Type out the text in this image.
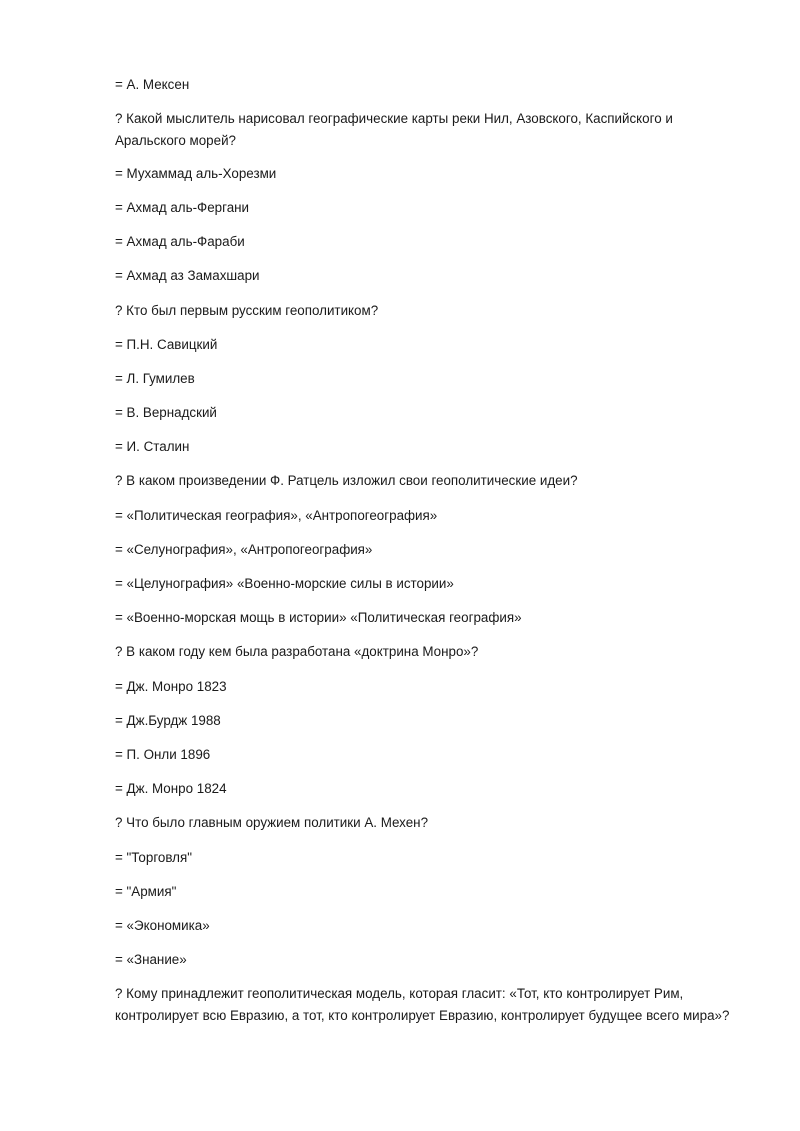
= А. Мексен
? Какой мыслитель нарисовал географические карты реки Нил, Азовского, Каспийского и Аральского морей?
= Мухаммад аль-Хорезми
= Ахмад аль-Фергани
= Ахмад аль-Фараби
= Ахмад аз Замахшари
? Кто был первым русским геополитиком?
= П.Н. Савицкий
= Л. Гумилев
= В. Вернадский
= И. Сталин
? В каком произведении Ф. Ратцель изложил свои геополитические идеи?
= «Политическая география», «Антропогеография»
= «Селунография», «Антропогеография»
= «Целунография» «Военно-морские силы в истории»
= «Военно-морская мощь в истории» «Политическая география»
? В каком году кем была разработана «доктрина Монро»?
= Дж. Монро 1823
= Дж.Бурдж 1988
= П. Онли 1896
= Дж. Монро 1824
? Что было главным оружием политики А. Мехен?
= "Торговля"
= "Армия"
= «Экономика»
= «Знание»
? Кому принадлежит геополитическая модель, которая гласит: «Тот, кто контролирует Рим, контролирует всю Евразию, а тот, кто контролирует Евразию, контролирует будущее всего мира»?
